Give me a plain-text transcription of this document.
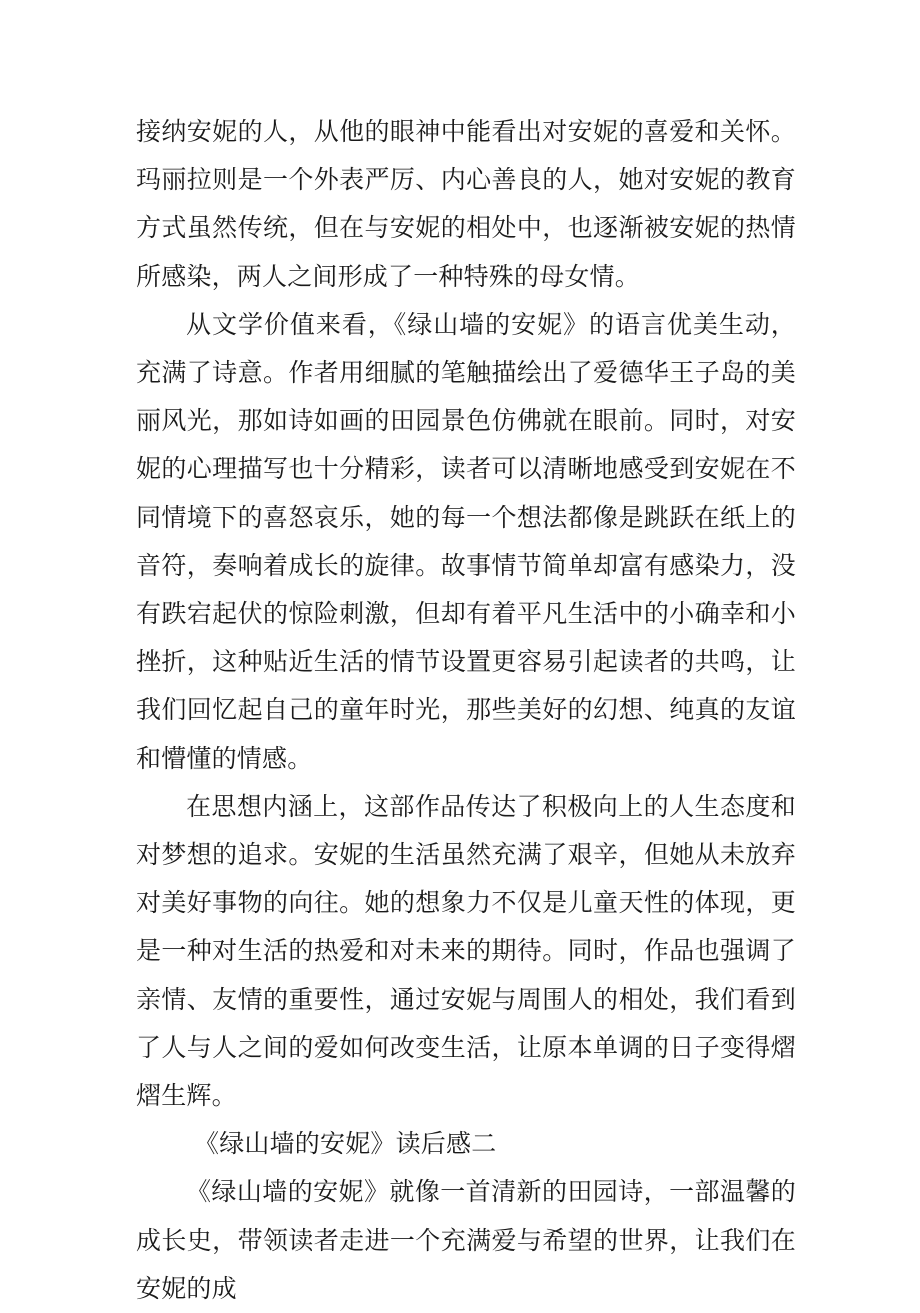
接纳安妮的人，从他的眼神中能看出对安妮的喜爱和关怀。玛丽拉则是一个外表严厉、内心善良的人，她对安妮的教育方式虽然传统，但在与安妮的相处中，也逐渐被安妮的热情所感染，两人之间形成了一种特殊的母女情。

从文学价值来看，《绿山墙的安妮》的语言优美生动，充满了诗意。作者用细腻的笔触描绘出了爱德华王子岛的美丽风光，那如诗如画的田园景色仿佛就在眼前。同时，对安妮的心理描写也十分精彩，读者可以清晰地感受到安妮在不同情境下的喜怒哀乐，她的每一个想法都像是跳跃在纸上的音符，奏响着成长的旋律。故事情节简单却富有感染力，没有跌宕起伏的惊险刺激，但却有着平凡生活中的小确幸和小挫折，这种贴近生活的情节设置更容易引起读者的共鸣，让我们回忆起自己的童年时光，那些美好的幻想、纯真的友谊和懵懂的情感。

在思想内涵上，这部作品传达了积极向上的人生态度和对梦想的追求。安妮的生活虽然充满了艰辛，但她从未放弃对美好事物的向往。她的想象力不仅是儿童天性的体现，更是一种对生活的热爱和对未来的期待。同时，作品也强调了亲情、友情的重要性，通过安妮与周围人的相处，我们看到了人与人之间的爱如何改变生活，让原本单调的日子变得熠熠生辉。

《绿山墙的安妮》读后感二

《绿山墙的安妮》就像一首清新的田园诗，一部温馨的成长史，带领读者走进一个充满爱与希望的世界，让我们在安妮的成
